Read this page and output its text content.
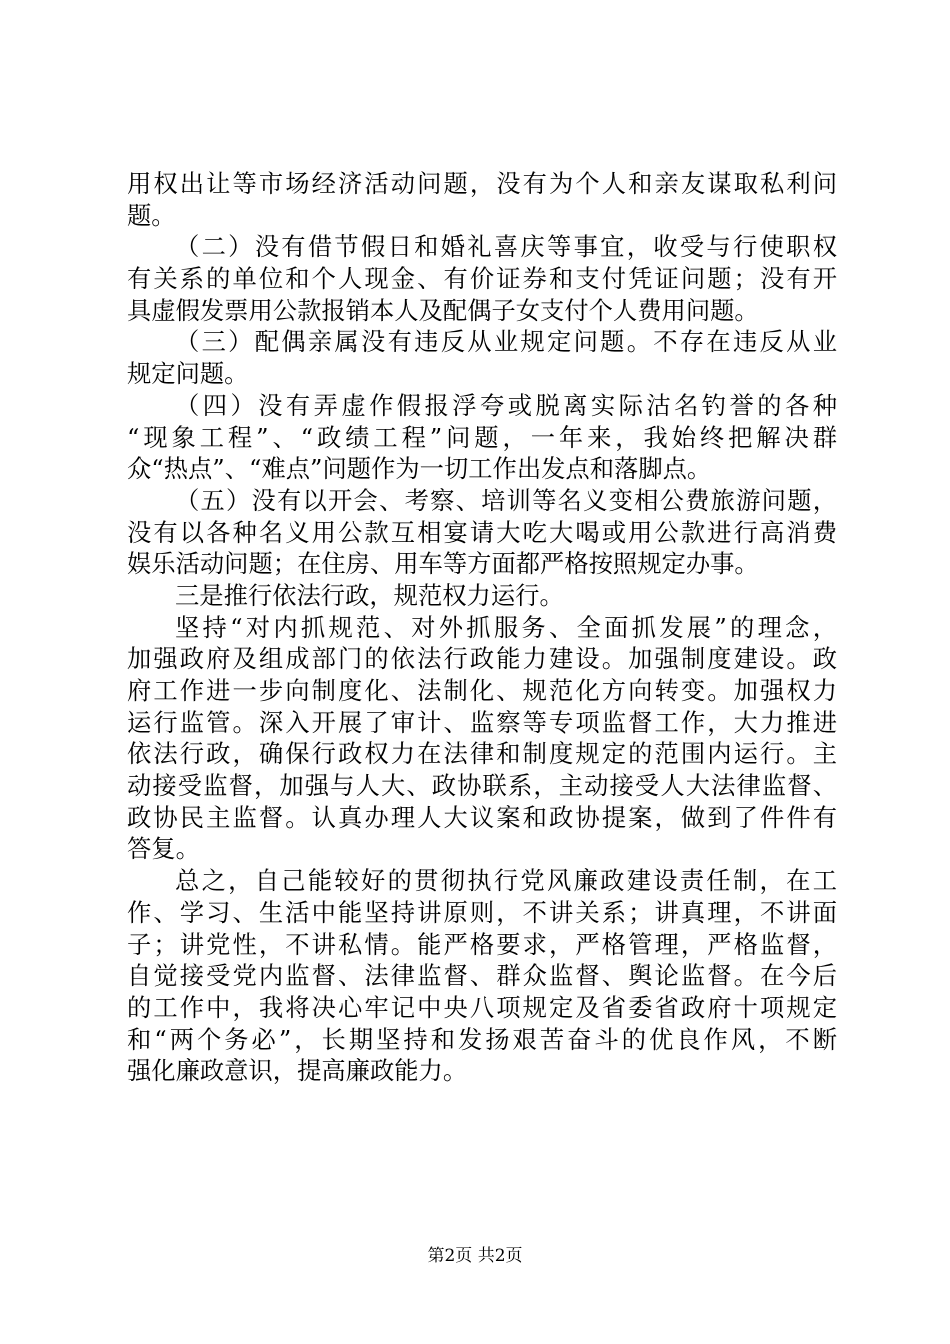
用权出让等市场经济活动问题，没有为个人和亲友谋取私利问
题。
（二）没有借节假日和婚礼喜庆等事宜，收受与行使职权
有关系的单位和个人现金、有价证券和支付凭证问题；没有开
具虚假发票用公款报销本人及配偶子女支付个人费用问题。
（三）配偶亲属没有违反从业规定问题。不存在违反从业
规定问题。
（四）没有弄虚作假报浮夸或脱离实际沽名钓誉的各种
“现象工程”、“政绩工程”问题，一年来，我始终把解决群
众“热点”、“难点”问题作为一切工作出发点和落脚点。
（五）没有以开会、考察、培训等名义变相公费旅游问题，
没有以各种名义用公款互相宴请大吃大喝或用公款进行高消费
娱乐活动问题；在住房、用车等方面都严格按照规定办事。
三是推行依法行政，规范权力运行。
坚持“对内抓规范、对外抓服务、全面抓发展”的理念，
加强政府及组成部门的依法行政能力建设。加强制度建设。政
府工作进一步向制度化、法制化、规范化方向转变。加强权力
运行监管。深入开展了审计、监察等专项监督工作，大力推进
依法行政，确保行政权力在法律和制度规定的范围内运行。主
动接受监督，加强与人大、政协联系，主动接受人大法律监督、
政协民主监督。认真办理人大议案和政协提案，做到了件件有
答复。
总之，自己能较好的贯彻执行党风廉政建设责任制，在工
作、学习、生活中能坚持讲原则，不讲关系；讲真理，不讲面
子；讲党性，不讲私情。能严格要求，严格管理，严格监督，
自觉接受党内监督、法律监督、群众监督、舆论监督。在今后
的工作中，我将决心牢记中央八项规定及省委省政府十项规定
和“两个务必”，长期坚持和发扬艰苦奋斗的优良作风，不断
强化廉政意识，提高廉政能力。
第2页 共2页
